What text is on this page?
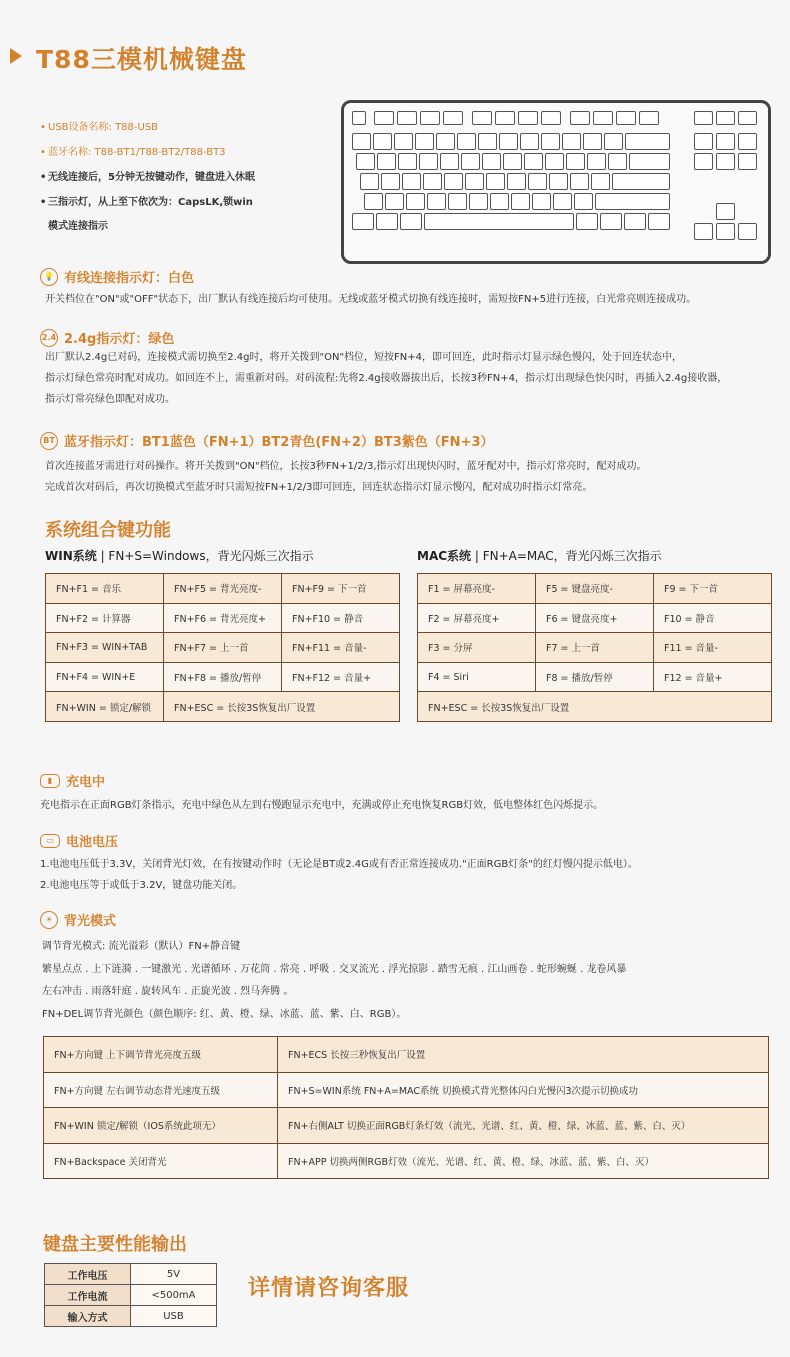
T88三模机械键盘
• USB设备名称: T88-USB
• 蓝牙名称: T88-BT1/T88-BT2/T88-BT3
• 无线连接后，5分钟无按键动作，键盘进入休眠
• 三指示灯，从上至下依次为：CapsLK,锁win
模式连接指示
💡 有线连接指示灯：白色
开关档位在"ON"或"OFF"状态下，出厂默认有线连接后均可使用。无线或蓝牙模式切换有线连接时，需短按FN+5进行连接，白光常亮则连接成功。
2.4 2.4g指示灯：绿色
出厂默认2.4g已对码，连接模式需切换至2.4g时，将开关拨到"ON"档位，短按FN+4，即可回连，此时指示灯显示绿色慢闪，处于回连状态中，
指示灯绿色常亮时配对成功。如回连不上，需重新对码。对码流程:先将2.4g接收器拔出后，长按3秒FN+4，指示灯出现绿色快闪时，再插入2.4g接收器，
指示灯常亮绿色即配对成功。
BT 蓝牙指示灯：BT1蓝色（FN+1）BT2青色(FN+2）BT3紫色（FN+3）
首次连接蓝牙需进行对码操作。将开关拨到"ON"档位，长按3秒FN+1/2/3,指示灯出现快闪时，蓝牙配对中，指示灯常亮时，配对成功。
完成首次对码后，再次切换模式至蓝牙时只需短按FN+1/2/3即可回连，回连状态指示灯显示慢闪，配对成功时指示灯常亮。
系统组合键功能
WIN系统 | FN+S=Windows，背光闪烁三次指示	MAC系统 | FN+A=MAC，背光闪烁三次指示
FN+F1 = 音乐	FN+F5 = 背光亮度-	FN+F9 = 下一首
FN+F2 = 计算器	FN+F6 = 背光亮度+	FN+F10 = 静音
FN+F3 = WIN+TAB	FN+F7 = 上一首	FN+F11 = 音量-
FN+F4 = WIN+E	FN+F8 = 播放/暂停	FN+F12 = 音量+
FN+WIN = 锁定/解锁	FN+ESC = 长按3S恢复出厂设置	
F1 = 屏幕亮度-	F5 = 键盘亮度-	F9 = 下一首
F2 = 屏幕亮度+	F6 = 键盘亮度+	F10 = 静音
F3 = 分屏	F7 = 上一首	F11 = 音量-
F4 = Siri	F8 = 播放/暂停	F12 = 音量+
FN+ESC = 长按3S恢复出厂设置		
▮	充电中
充电指示在正面RGB灯条指示，充电中绿色从左到右慢跑显示充电中，充满或停止充电恢复RGB灯效，低电整体红色闪烁提示。
▭ 电池电压
1.电池电压低于3.3V，关闭背光灯效，在有按键动作时（无论是BT或2.4G或有否正常连接成功."正面RGB灯条"的红灯慢闪提示低电）。
2.电池电压等于或低于3.2V，键盘功能关闭。
☀ 背光模式
调节背光模式: 流光溢彩（默认）FN+静音键
繁星点点 . 上下涟漪 . 一键激光 . 光谱循环 . 万花筒 . 常亮 . 呼吸 . 交叉流光 . 浮光掠影 . 踏雪无痕 . 江山画卷 . 蛇形蜿蜒 . 龙卷风暴
左右冲击 . 雨落轩庭 . 旋转风车 . 正旋光波 . 烈马奔腾 。
FN+DEL调节背光颜色（颜色顺序: 红、黄、橙、绿、冰蓝、蓝、紫、白、RGB）。
FN+方向键 上下调节背光亮度五级	FN+ECS 长按三秒恢复出厂设置
FN+方向键 左右调节动态背光速度五级	FN+S=WIN系统 FN+A=MAC系统 切换模式背光整体闪白光慢闪3次提示切换成功
FN+WIN 锁定/解锁（IOS系统此项无）	FN+右侧ALT 切换正面RGB灯条灯效（流光、光谱、红、黄、橙、绿、冰蓝、蓝、紫、白、灭）
FN+Backspace 关闭背光	FN+APP 切换两侧RGB灯效（流光、光谱、红、黄、橙、绿、冰蓝、蓝、紫、白、灭）
键盘主要性能输出
工作电压	5V
工作电流	<500mA
输入方式	USB
详情请咨询客服
